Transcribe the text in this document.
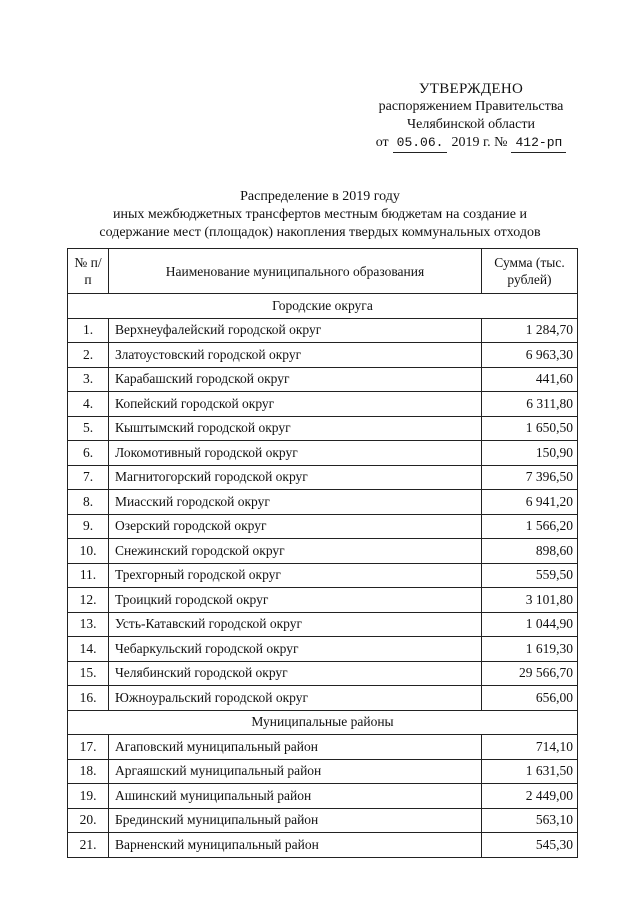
УТВЕРЖДЕНО
распоряжением Правительства
Челябинской области
от 05.06. 2019 г. № 412-рп
Распределение в 2019 году
иных межбюджетных трансфертов местным бюджетам на создание и
содержание мест (площадок) накопления твердых коммунальных отходов
№ п/п	Наименование муниципального образования	Сумма (тыс. рублей)
Городские округа		
1.	Верхнеуфалейский городской округ	1 284,70
2.	Златоустовский городской округ	6 963,30
3.	Карабашский городской округ	441,60
4.	Копейский городской округ	6 311,80
5.	Кыштымский городской округ	1 650,50
6.	Локомотивный городской округ	150,90
7.	Магнитогорский городской округ	7 396,50
8.	Миасский городской округ	6 941,20
9.	Озерский городской округ	1 566,20
10.	Снежинский городской округ	898,60
11.	Трехгорный городской округ	559,50
12.	Троицкий городской округ	3 101,80
13.	Усть-Катавский городской округ	1 044,90
14.	Чебаркульский городской округ	1 619,30
15.	Челябинский городской округ	29 566,70
16.	Южноуральский городской округ	656,00
Муниципальные районы		
17.	Агаповский муниципальный район	714,10
18.	Аргаяшский муниципальный район	1 631,50
19.	Ашинский муниципальный район	2 449,00
20.	Брединский муниципальный район	563,10
21.	Варненский муниципальный район	545,30
